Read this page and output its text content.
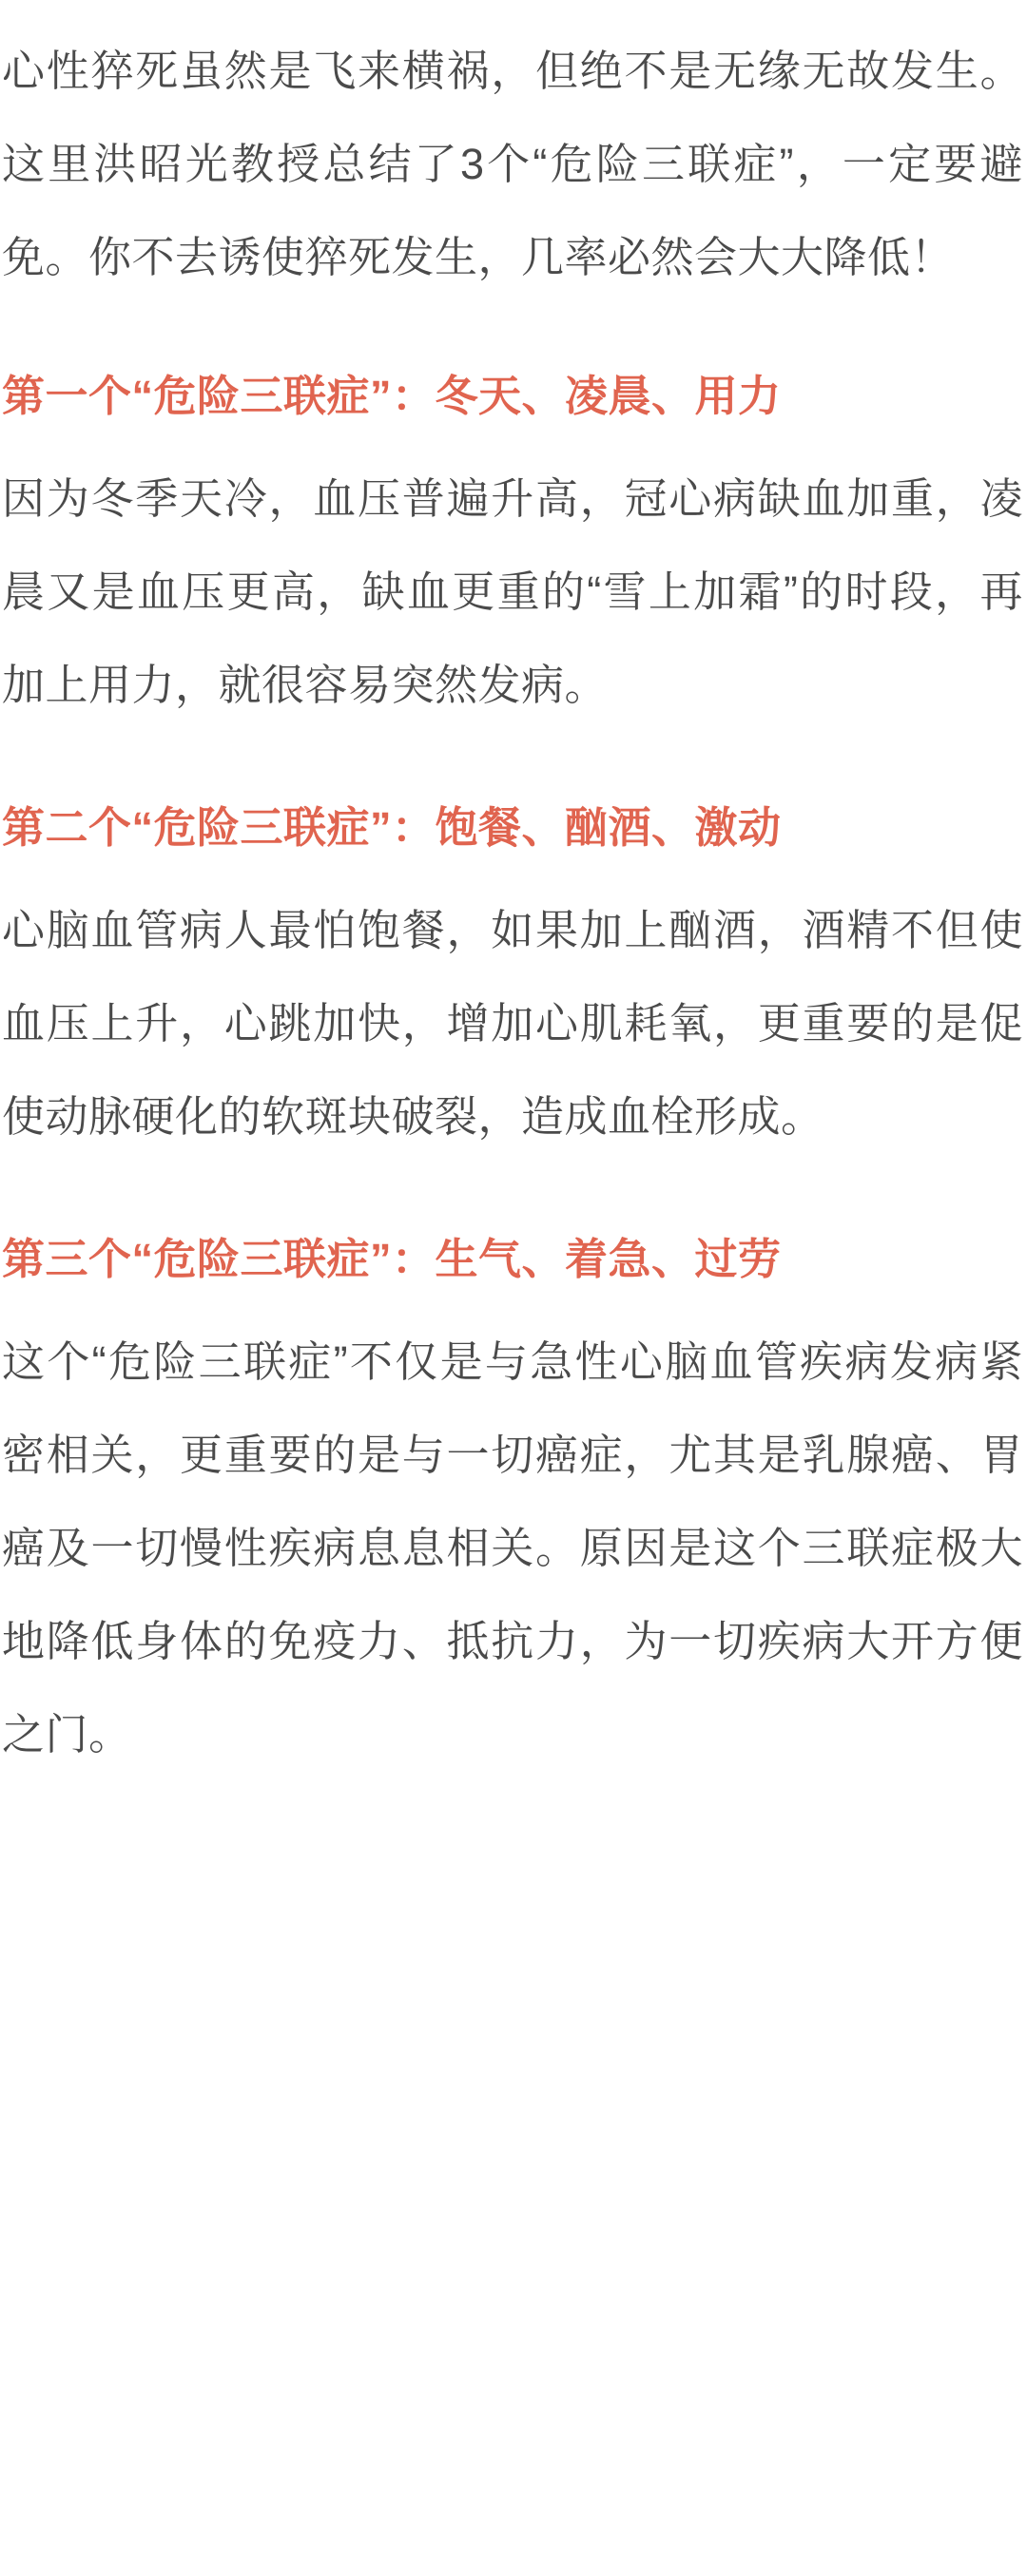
心性猝死虽然是飞来横祸，但绝不是无缘无故发生。这里洪昭光教授总结了3个“危险三联症”，一定要避免。你不去诱使猝死发生，几率必然会大大降低！

第一个“危险三联症”：冬天、凌晨、用力

因为冬季天冷，血压普遍升高，冠心病缺血加重，凌晨又是血压更高，缺血更重的“雪上加霜”的时段，再加上用力，就很容易突然发病。

第二个“危险三联症”：饱餐、酗酒、激动

心脑血管病人最怕饱餐，如果加上酗酒，酒精不但使血压上升，心跳加快，增加心肌耗氧，更重要的是促使动脉硬化的软斑块破裂，造成血栓形成。

第三个“危险三联症”：生气、着急、过劳

这个“危险三联症”不仅是与急性心脑血管疾病发病紧密相关，更重要的是与一切癌症，尤其是乳腺癌、胃癌及一切慢性疾病息息相关。原因是这个三联症极大地降低身体的免疫力、抵抗力，为一切疾病大开方便之门。
